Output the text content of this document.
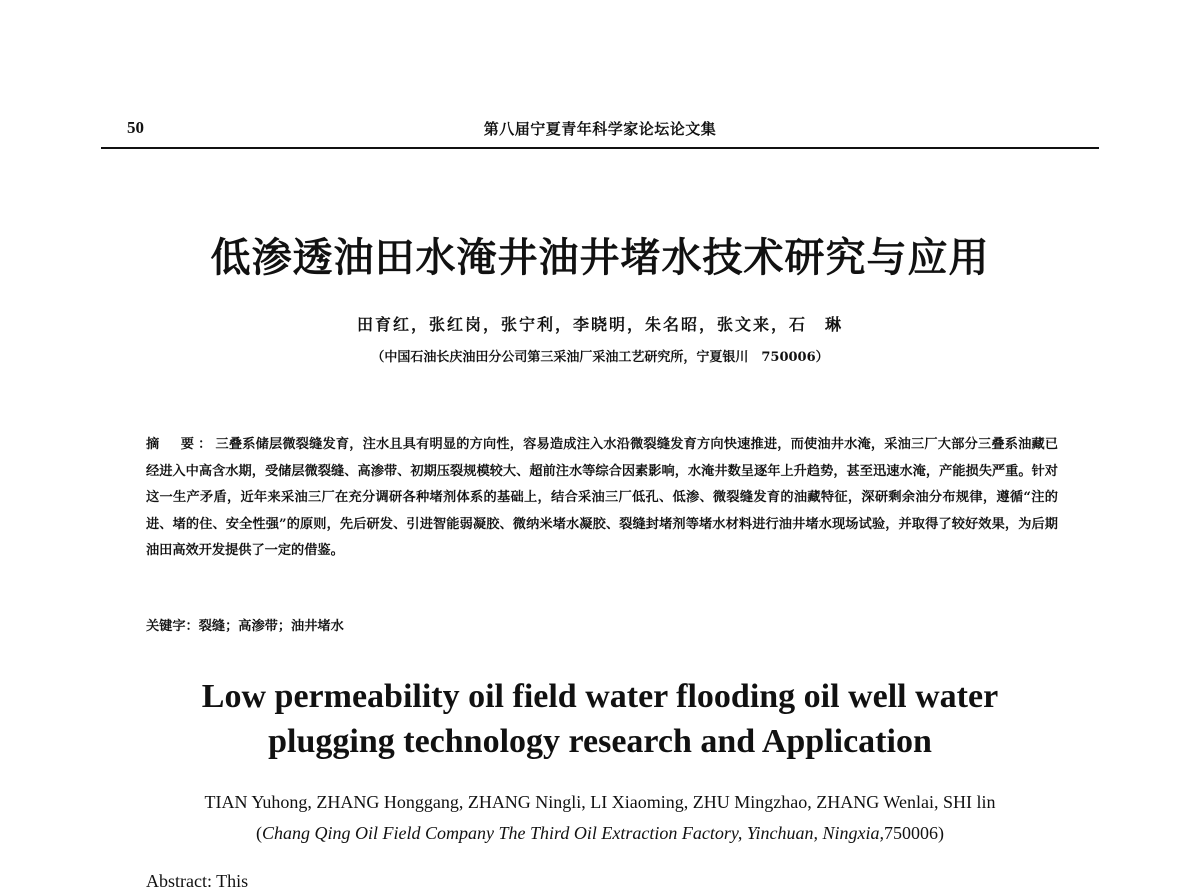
50	第八届宁夏青年科学家论坛论文集
低渗透油田水淹井油井堵水技术研究与应用
田育红，张红岗，张宁利，李晓明，朱名昭，张文来，石　琳
（中国石油长庆油田分公司第三采油厂采油工艺研究所，宁夏银川　750006）
摘　要：三叠系储层微裂缝发育，注水且具有明显的方向性，容易造成注入水沿微裂缝发育方向快速推进，而使油井水淹，采油三厂大部分三叠系油藏已经进入中高含水期，受储层微裂缝、高渗带、初期压裂规模较大、超前注水等综合因素影响，水淹井数呈逐年上升趋势，甚至迅速水淹，产能损失严重。针对这一生产矛盾，近年来采油三厂在充分调研各种堵剂体系的基础上，结合采油三厂低孔、低渗、微裂缝发育的油藏特征，深研剩余油分布规律，遵循“注的进、堵的住、安全性强”的原则，先后研发、引进智能弱凝胶、微纳米堵水凝胶、裂缝封堵剂等堵水材料进行油井堵水现场试验，并取得了较好效果，为后期油田高效开发提供了一定的借鉴。
关键字：裂缝；高渗带；油井堵水
Low permeability oil field water flooding oil well water
plugging technology research and Application
TIAN Yuhong, ZHANG Honggang, ZHANG Ningli, LI Xiaoming, ZHU Mingzhao, ZHANG Wenlai, SHI lin
(Chang Qing Oil Field Company The Third Oil Extraction Factory, Yinchuan, Ningxia,750006)
Abstract: This
